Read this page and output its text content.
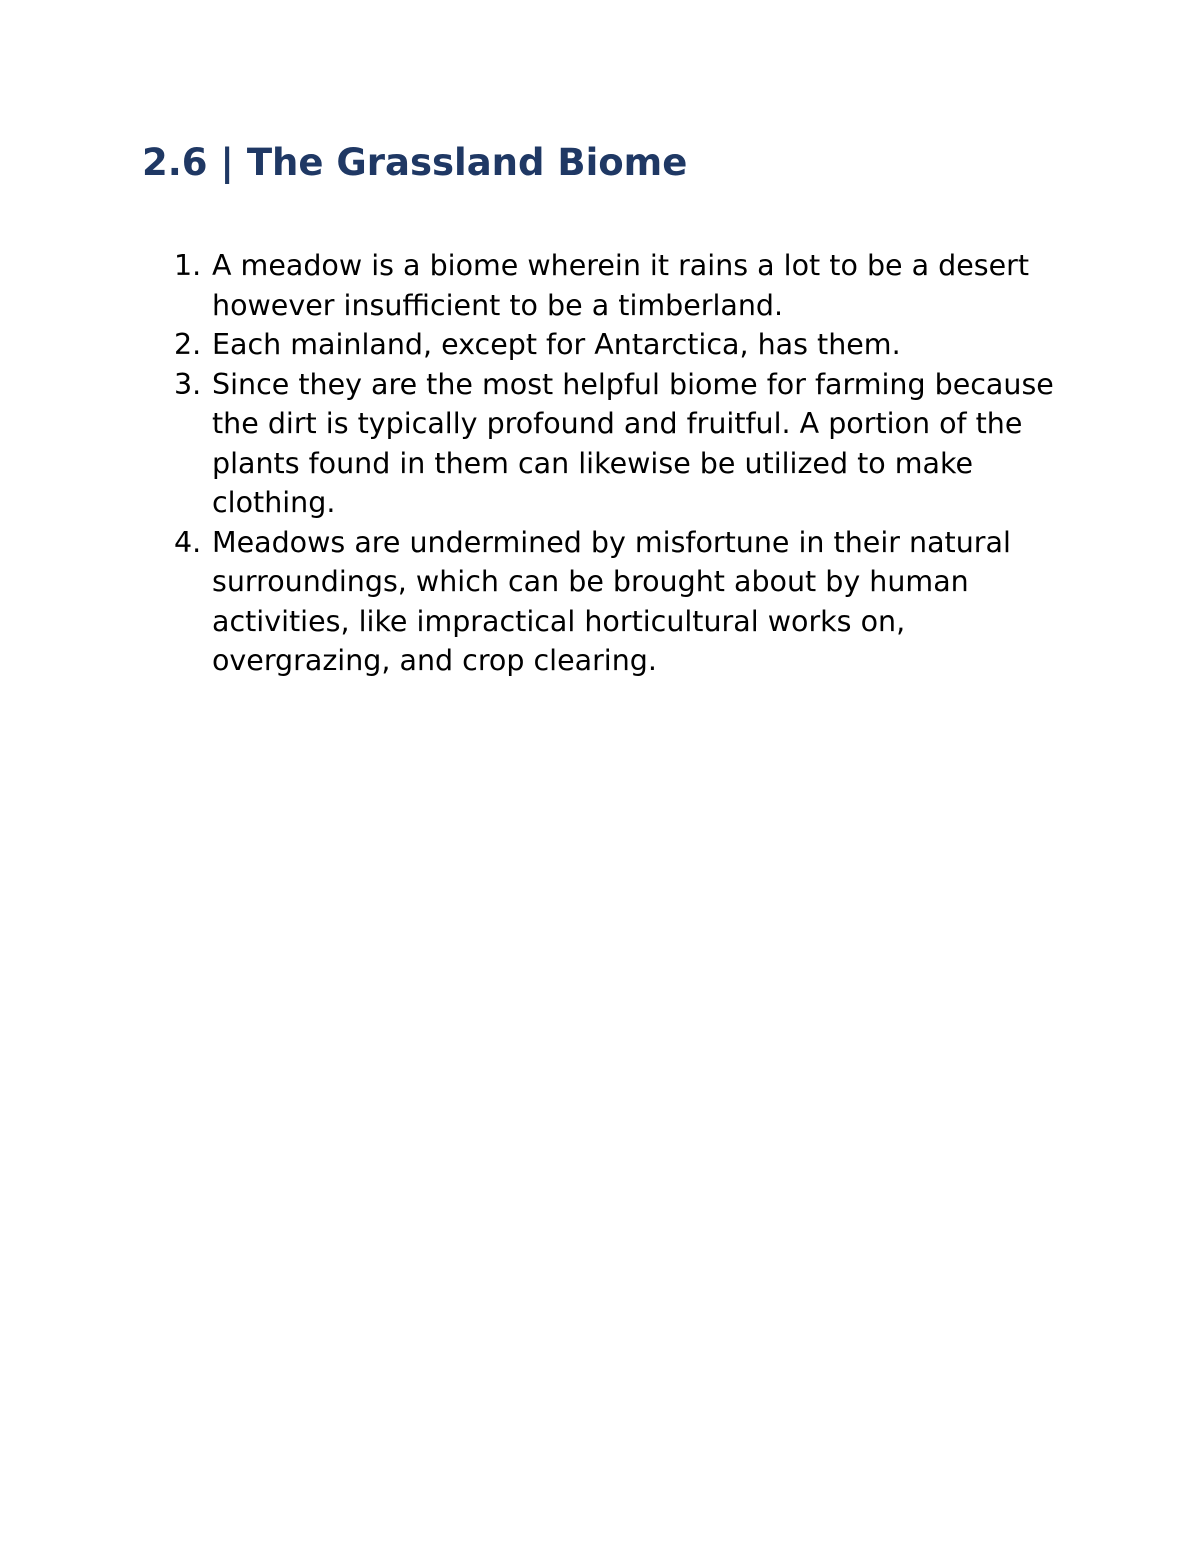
2.6 | The Grassland Biome
1. A meadow is a biome wherein it rains a lot to be a desert however insufficient to be a timberland.
2. Each mainland, except for Antarctica, has them.
3. Since they are the most helpful biome for farming because the dirt is typically profound and fruitful. A portion of the plants found in them can likewise be utilized to make clothing.
4. Meadows are undermined by misfortune in their natural surroundings, which can be brought about by human activities, like impractical horticultural works on, overgrazing, and crop clearing.
